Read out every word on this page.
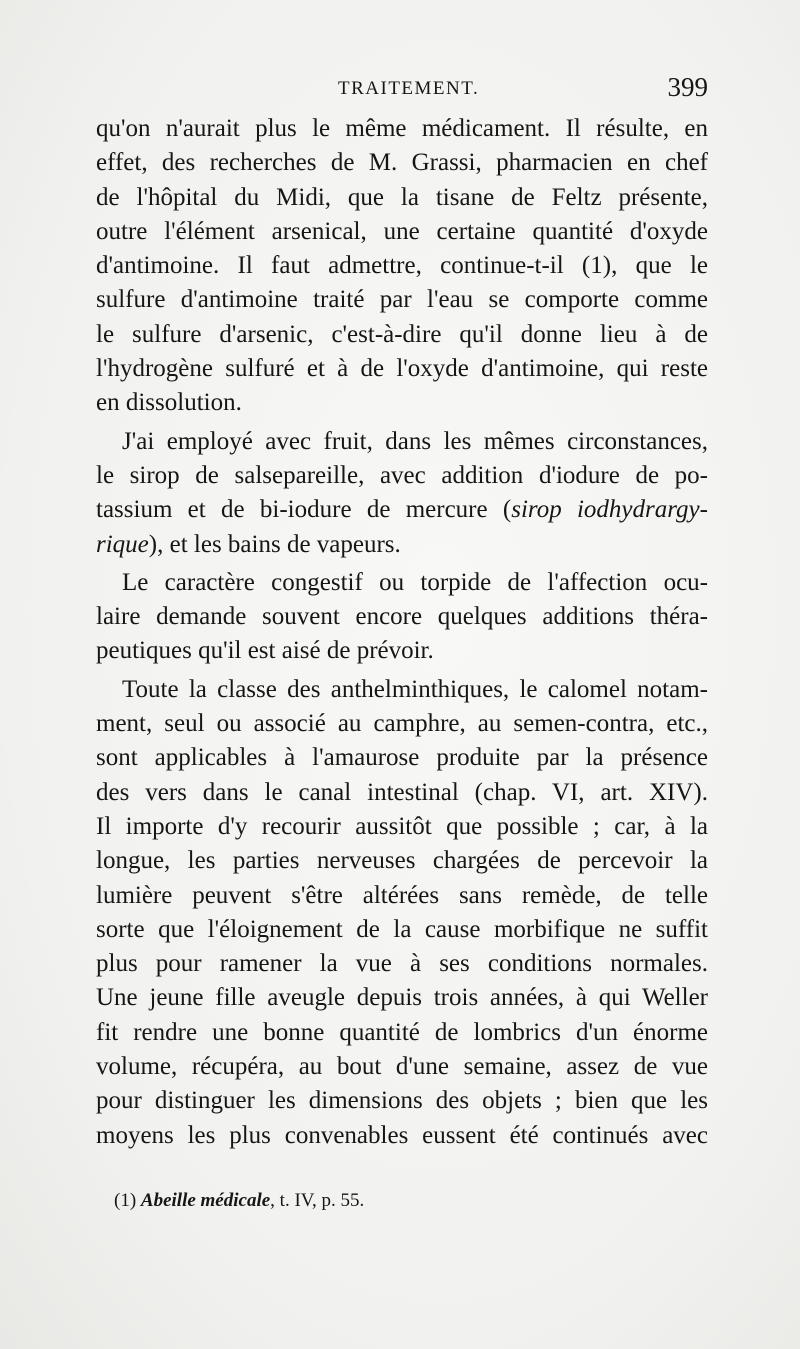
TRAITEMENT.	399
qu'on n'aurait plus le même médicament. Il résulte, en
effet, des recherches de M. Grassi, pharmacien en chef
de l'hôpital du Midi, que la tisane de Feltz présente,
outre l'élément arsenical, une certaine quantité d'oxyde
d'antimoine. Il faut admettre, continue-t-il (1), que le
sulfure d'antimoine traité par l'eau se comporte comme
le sulfure d'arsenic, c'est-à-dire qu'il donne lieu à de
l'hydrogène sulfuré et à de l'oxyde d'antimoine, qui reste
en dissolution.
J'ai employé avec fruit, dans les mêmes circonstances,
le sirop de salsepareille, avec addition d'iodure de po-
tassium et de bi-iodure de mercure (sirop iodhydrargy-
rique), et les bains de vapeurs.
Le caractère congestif ou torpide de l'affection ocu-
laire demande souvent encore quelques additions théra-
peutiques qu'il est aisé de prévoir.
Toute la classe des anthelminthiques, le calomel notam-
ment, seul ou associé au camphre, au semen-contra, etc.,
sont applicables à l'amaurose produite par la présence
des vers dans le canal intestinal (chap. VI, art. XIV).
Il importe d'y recourir aussitôt que possible ; car, à la
longue, les parties nerveuses chargées de percevoir la
lumière peuvent s'être altérées sans remède, de telle
sorte que l'éloignement de la cause morbifique ne suffit
plus pour ramener la vue à ses conditions normales.
Une jeune fille aveugle depuis trois années, à qui Weller
fit rendre une bonne quantité de lombrics d'un énorme
volume, récupéra, au bout d'une semaine, assez de vue
pour distinguer les dimensions des objets ; bien que les
moyens les plus convenables eussent été continués avec
(1) Abeille médicale, t. IV, p. 55.
